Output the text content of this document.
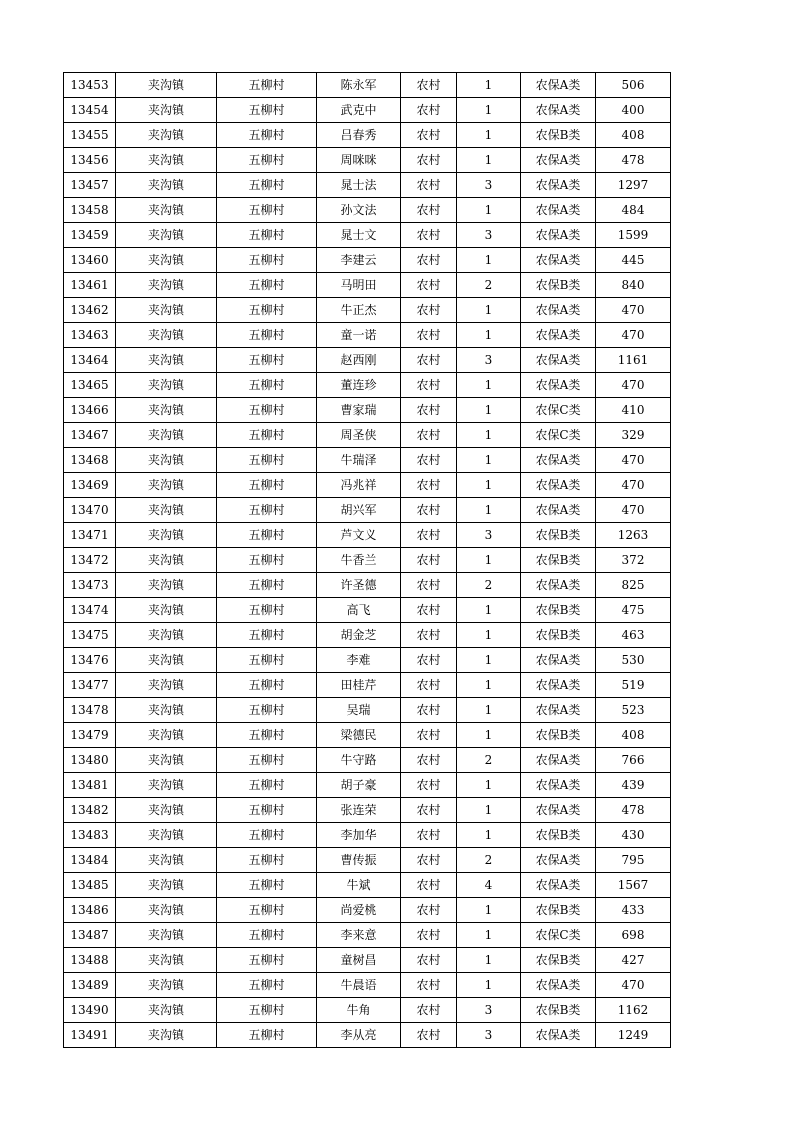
13453	夹沟镇	五柳村	陈永军	农村	1	农保A类	506
13454	夹沟镇	五柳村	武克中	农村	1	农保A类	400
13455	夹沟镇	五柳村	吕春秀	农村	1	农保B类	408
13456	夹沟镇	五柳村	周咪咪	农村	1	农保A类	478
13457	夹沟镇	五柳村	晁士法	农村	3	农保A类	1297
13458	夹沟镇	五柳村	孙文法	农村	1	农保A类	484
13459	夹沟镇	五柳村	晁士文	农村	3	农保A类	1599
13460	夹沟镇	五柳村	李建云	农村	1	农保A类	445
13461	夹沟镇	五柳村	马明田	农村	2	农保B类	840
13462	夹沟镇	五柳村	牛正杰	农村	1	农保A类	470
13463	夹沟镇	五柳村	童一诺	农村	1	农保A类	470
13464	夹沟镇	五柳村	赵西刚	农村	3	农保A类	1161
13465	夹沟镇	五柳村	董连珍	农村	1	农保A类	470
13466	夹沟镇	五柳村	曹家瑞	农村	1	农保C类	410
13467	夹沟镇	五柳村	周圣侠	农村	1	农保C类	329
13468	夹沟镇	五柳村	牛瑞泽	农村	1	农保A类	470
13469	夹沟镇	五柳村	冯兆祥	农村	1	农保A类	470
13470	夹沟镇	五柳村	胡兴军	农村	1	农保A类	470
13471	夹沟镇	五柳村	芦文义	农村	3	农保B类	1263
13472	夹沟镇	五柳村	牛香兰	农村	1	农保B类	372
13473	夹沟镇	五柳村	许圣德	农村	2	农保A类	825
13474	夹沟镇	五柳村	高飞	农村	1	农保B类	475
13475	夹沟镇	五柳村	胡金芝	农村	1	农保B类	463
13476	夹沟镇	五柳村	李难	农村	1	农保A类	530
13477	夹沟镇	五柳村	田桂芹	农村	1	农保A类	519
13478	夹沟镇	五柳村	吴瑞	农村	1	农保A类	523
13479	夹沟镇	五柳村	梁德民	农村	1	农保B类	408
13480	夹沟镇	五柳村	牛守路	农村	2	农保A类	766
13481	夹沟镇	五柳村	胡子豪	农村	1	农保A类	439
13482	夹沟镇	五柳村	张连荣	农村	1	农保A类	478
13483	夹沟镇	五柳村	李加华	农村	1	农保B类	430
13484	夹沟镇	五柳村	曹传振	农村	2	农保A类	795
13485	夹沟镇	五柳村	牛斌	农村	4	农保A类	1567
13486	夹沟镇	五柳村	尚爱桃	农村	1	农保B类	433
13487	夹沟镇	五柳村	李来意	农村	1	农保C类	698
13488	夹沟镇	五柳村	童树昌	农村	1	农保B类	427
13489	夹沟镇	五柳村	牛晨语	农村	1	农保A类	470
13490	夹沟镇	五柳村	牛角	农村	3	农保B类	1162
13491	夹沟镇	五柳村	李从亮	农村	3	农保A类	1249
